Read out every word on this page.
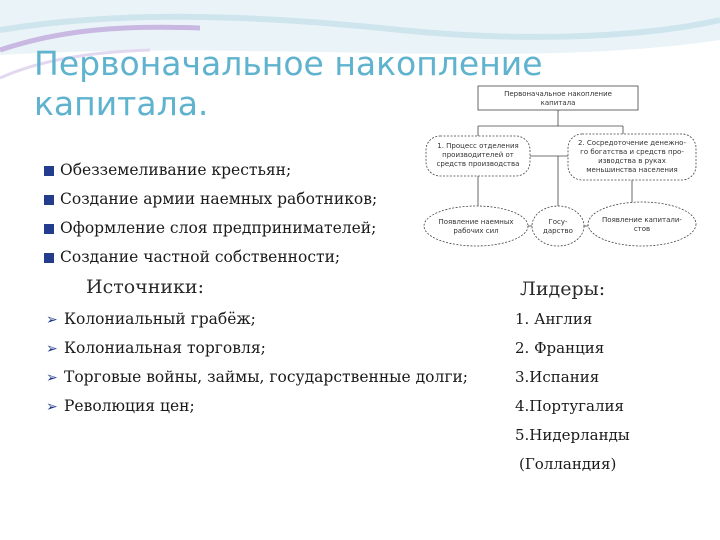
Первоначальное накопление
капитала.	Первоначальное накопление
капитала
1. Процесс отделения
производителей от
средств производства
2. Сосредоточение денежно-
го богатства и средств про-
изводства в руках
меньшинства населения
Появление наемных
рабочих сил
Госу-
дарство
Появление капитали-
стов
Обезземеливание крестьян;
Создание армии наемных работников;
Оформление слоя предпринимателей;
Создание частной собственности;
Источники:	Лидеры:
➢ Колониальный грабёж;
➢ Колониальная торговля;
➢ Торговые войны, займы, государственные долги;
➢ Революция цен;
1. Англия
2. Франция
3.Испания
4.Португалия
5.Нидерланды
(Голландия)
